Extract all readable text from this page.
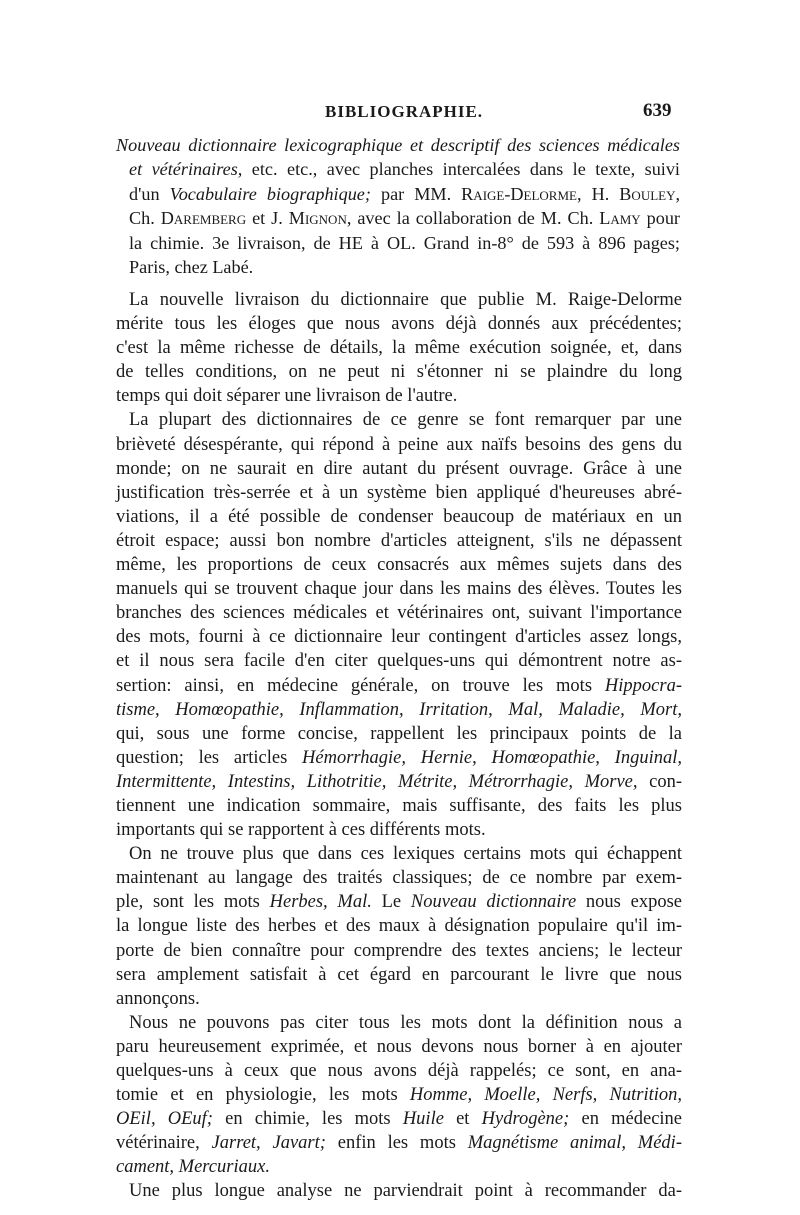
BIBLIOGRAPHIE.	639
Nouveau dictionnaire lexicographique et descriptif des sciences médicales
et vétérinaires, etc. etc., avec planches intercalées dans le texte, suivi
d'un Vocabulaire biographique; par MM. Raige-Delorme, H. Bouley,
Ch. Daremberg et J. Mignon, avec la collaboration de M. Ch. Lamy pour
la chimie. 3e livraison, de HE à OL. Grand in-8° de 593 à 896 pages;
Paris, chez Labé.
La nouvelle livraison du dictionnaire que publie M. Raige-Delorme
mérite tous les éloges que nous avons déjà donnés aux précédentes;
c'est la même richesse de détails, la même exécution soignée, et, dans
de telles conditions, on ne peut ni s'étonner ni se plaindre du long
temps qui doit séparer une livraison de l'autre.
La plupart des dictionnaires de ce genre se font remarquer par une
brièveté désespérante, qui répond à peine aux naïfs besoins des gens du
monde; on ne saurait en dire autant du présent ouvrage. Grâce à une
justification très-serrée et à un système bien appliqué d'heureuses abré-
viations, il a été possible de condenser beaucoup de matériaux en un
étroit espace; aussi bon nombre d'articles atteignent, s'ils ne dépassent
même, les proportions de ceux consacrés aux mêmes sujets dans des
manuels qui se trouvent chaque jour dans les mains des élèves. Toutes les
branches des sciences médicales et vétérinaires ont, suivant l'importance
des mots, fourni à ce dictionnaire leur contingent d'articles assez longs,
et il nous sera facile d'en citer quelques-uns qui démontrent notre as-
sertion: ainsi, en médecine générale, on trouve les mots Hippocra-
tisme, Homœopathie, Inflammation, Irritation, Mal, Maladie, Mort,
qui, sous une forme concise, rappellent les principaux points de la
question; les articles Hémorrhagie, Hernie, Homœopathie, Inguinal,
Intermittente, Intestins, Lithotritie, Métrite, Métrorrhagie, Morve, con-
tiennent une indication sommaire, mais suffisante, des faits les plus
importants qui se rapportent à ces différents mots.
On ne trouve plus que dans ces lexiques certains mots qui échappent
maintenant au langage des traités classiques; de ce nombre par exem-
ple, sont les mots Herbes, Mal. Le Nouveau dictionnaire nous expose
la longue liste des herbes et des maux à désignation populaire qu'il im-
porte de bien connaître pour comprendre des textes anciens; le lecteur
sera amplement satisfait à cet égard en parcourant le livre que nous
annonçons.
Nous ne pouvons pas citer tous les mots dont la définition nous a
paru heureusement exprimée, et nous devons nous borner à en ajouter
quelques-uns à ceux que nous avons déjà rappelés; ce sont, en ana-
tomie et en physiologie, les mots Homme, Moelle, Nerfs, Nutrition,
OEil, OEuf; en chimie, les mots Huile et Hydrogène; en médecine
vétérinaire, Jarret, Javart; enfin les mots Magnétisme animal, Médi-
cament, Mercuriaux.
Une plus longue analyse ne parviendrait point à recommander da-
